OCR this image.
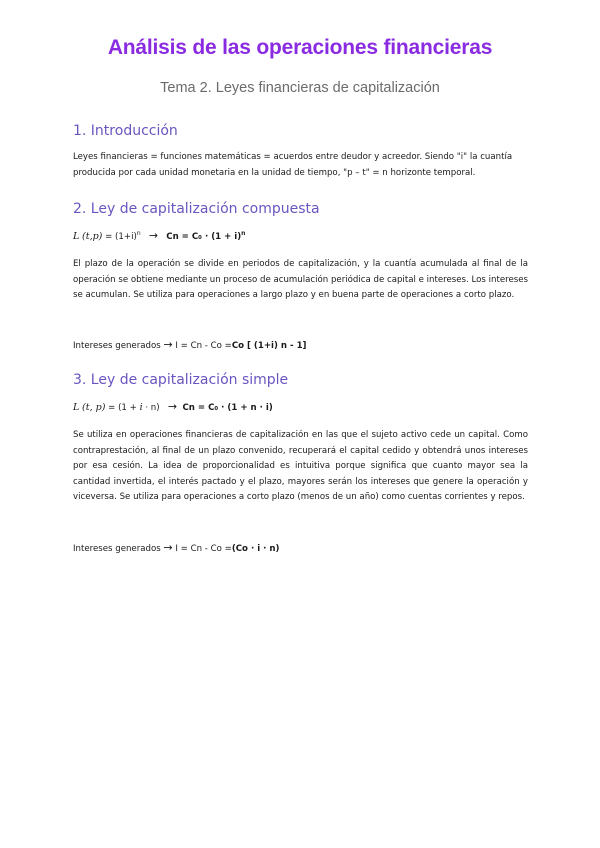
Análisis de las operaciones financieras
Tema 2. Leyes financieras de capitalización
1. Introducción
Leyes financieras = funciones matemáticas = acuerdos entre deudor y acreedor. Siendo "i" la cuantía
producida por cada unidad monetaria en la unidad de tiempo, "p – t" = n horizonte temporal.
2. Ley de capitalización compuesta
L $(t,p) = (1+i)^n \to Cn = C_0 \cdot (1 + i)^n$
El plazo de la operación se divide en periodos de capitalización, y la cuantía acumulada al final de la operación se obtiene mediante un proceso de acumulación periódica de capital e intereses. Los intereses se acumulan. Se utiliza para operaciones a largo plazo y en buena parte de operaciones a corto plazo.
Intereses generados → I = Cn - Co =Co [ (1+i) n - 1]
3. Ley de capitalización simple
L (t, p) = (1 + i · n) → Cn = C₀ · (1 + n · i)
Se utiliza en operaciones financieras de capitalización en las que el sujeto activo cede un capital. Como contraprestación, al final de un plazo convenido, recuperará el capital cedido y obtendrá unos intereses por esa cesión. La idea de proporcionalidad es intuitiva porque significa que cuanto mayor sea la cantidad invertida, el interés pactado y el plazo, mayores serán los intereses que genere la operación y viceversa. Se utiliza para operaciones a corto plazo (menos de un año) como cuentas corrientes y repos.
Intereses generados → I = Cn - Co =(Co · i · n)
